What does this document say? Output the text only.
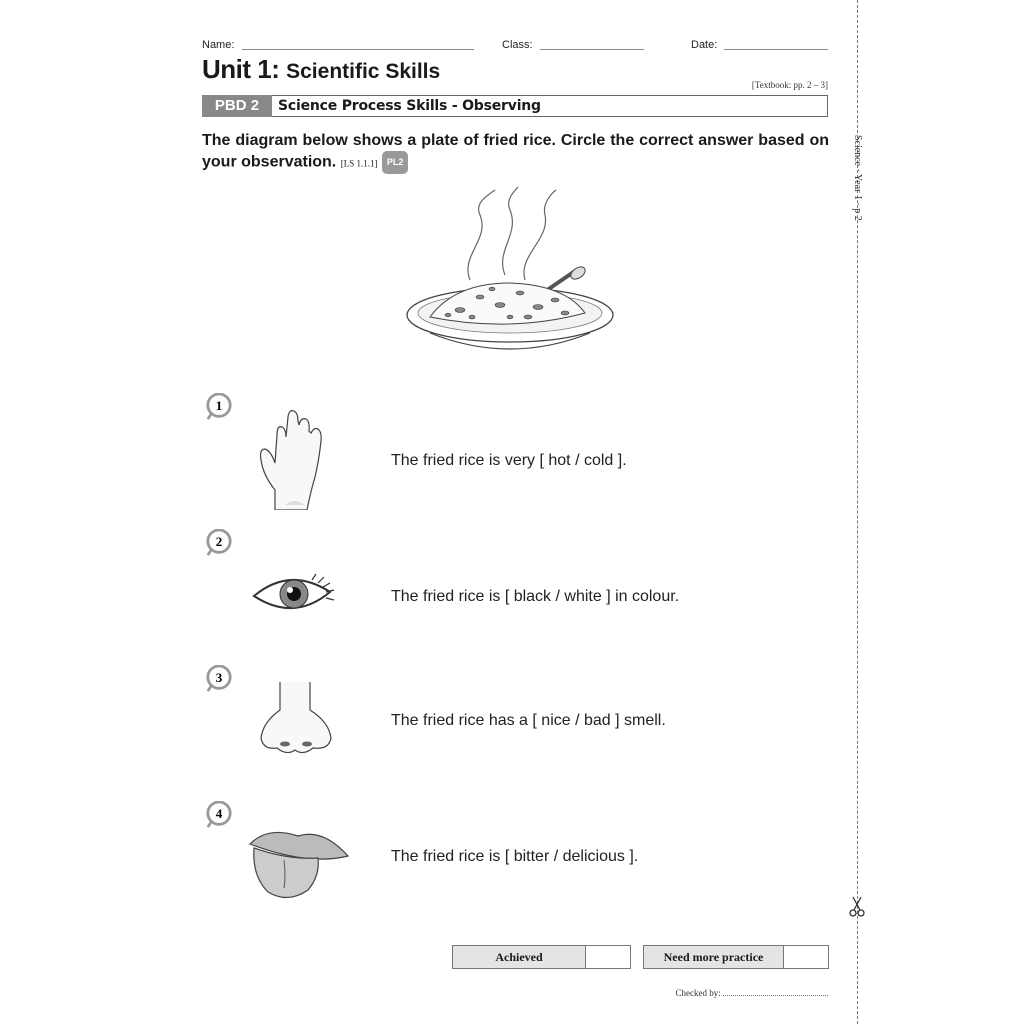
Name:	Class:	Date:
Unit 1: Scientific Skills
[Textbook: pp. 2 – 3]
PBD 2	Science Process Skills - Observing
The diagram below shows a plate of fried rice. Circle the correct answer based on your observation. [LS 1.1.1] PL2
1
The fried rice is very [ hot / cold ].
2
The fried rice is [ black / white ] in colour.
3
The fried rice has a [ nice / bad ] smell.
4
The fried rice is [ bitter / delicious ].
Achieved	Need more practice
Checked by:
Science · Year 1 · p 2
